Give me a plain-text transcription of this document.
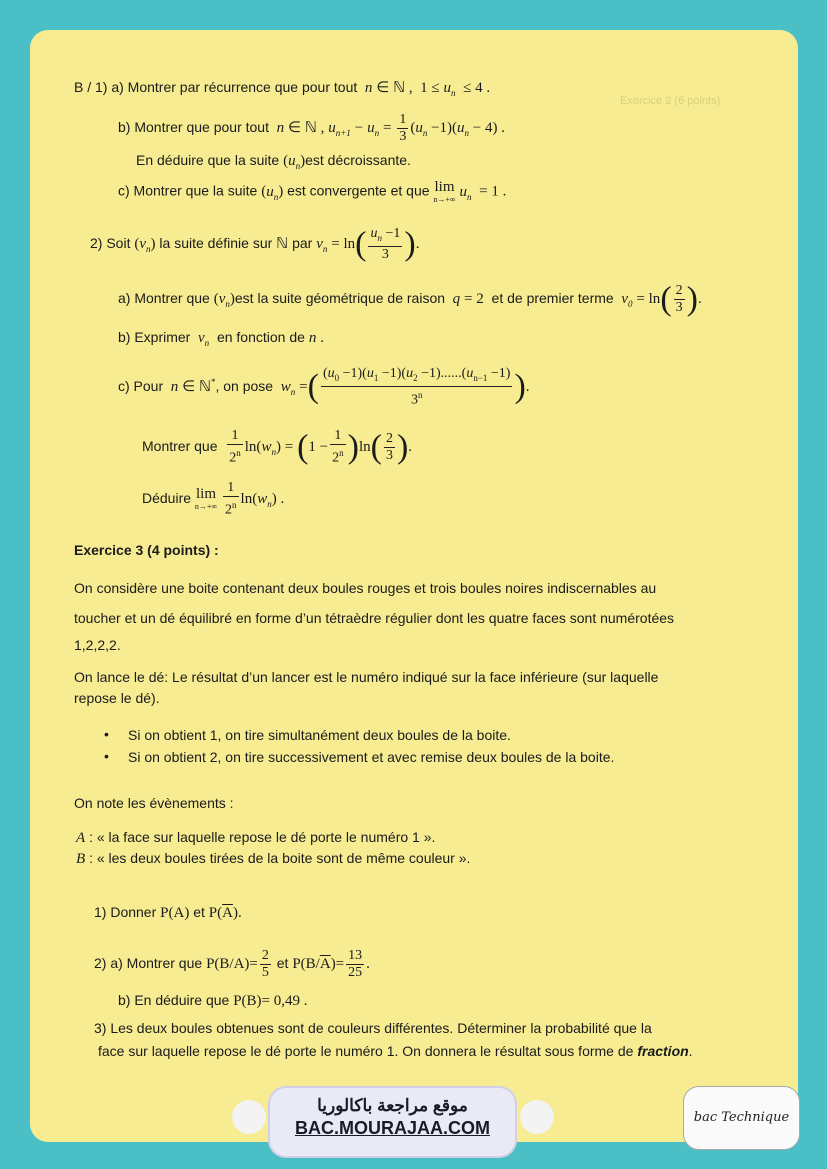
Exercice 2 (6 points)
B / 1) a) Montrer par récurrence que pour tout  n ∈ ℕ ,  $1 \le u_n \le 4$ .
b) Montrer que pour tout  n ∈ ℕ , $u_{n+1} - u_n = \frac{1}{3} (u_n -1)(u_n - 4)$ .
En déduire que la suite $(u_n)est$ décroissante.
c) Montrer que la suite $(u_n)$ est convergente et que lim
n→+∞ $u_n = 1$ .
2) Soit $(v_n)$ la suite définie sur ℕ par $v_n = \ln( \frac{u_n -1}{3}$ ).
a) Montrer que $(v_n)est$ la suite géométrique de raison  q = 2 et de premier terme  $v_0 = \ln( \frac{2}{3}$ ).
b) Exprimer  $v_n$ en fonction de n .
c) Pour  n ∈ ℕ*, on pose  $w_n$ =( $\frac{(u_0 -1)(u_1 -1)(u_2 -1)......(u_{n-1} -1)}{3^n}$ ).
Montrer que $\frac{1}{2^n} \ln(w_n) = (1 - \frac{1}{2^n} )\ln( \frac{2}{3}$ ).
Déduire lim
n→+∞
$\frac{1}{2^n} \ln(w_n)$ .
Exercice 3 (4 points) :
On considère une boite contenant deux boules rouges et trois boules noires indiscernables au
toucher et un dé équilibré en forme d’un tétraèdre régulier dont les quatre faces sont numérotées
1,2,2,2.
On lance le dé: Le résultat d’un lancer est le numéro indiqué sur la face inférieure (sur laquelle
repose le dé).
• Si on obtient 1, on tire simultanément deux boules de la boite.
• Si on obtient 2, on tire successivement et avec remise deux boules de la boite.
On note les évènements :
A : « la face sur laquelle repose le dé porte le numéro 1 ».
B : « les deux boules tirées de la boite sont de même couleur ».
1) Donner P(A) et $P(\overline{A})$.
2) a) Montrer que $P(B/A)= \frac{2}{5}$ et $P(B/\overline{A})= \frac{13}{25}$ .
b) En déduire que P(B)= 0,49 .
3) Les deux boules obtenues sont de couleurs différentes. Déterminer la probabilité que la
face sur laquelle repose le dé porte le numéro 1. On donnera le résultat sous forme de fraction.
موقع مراجعة باكالوريا
BAC.MOURAJAA.COM
bac Technique
